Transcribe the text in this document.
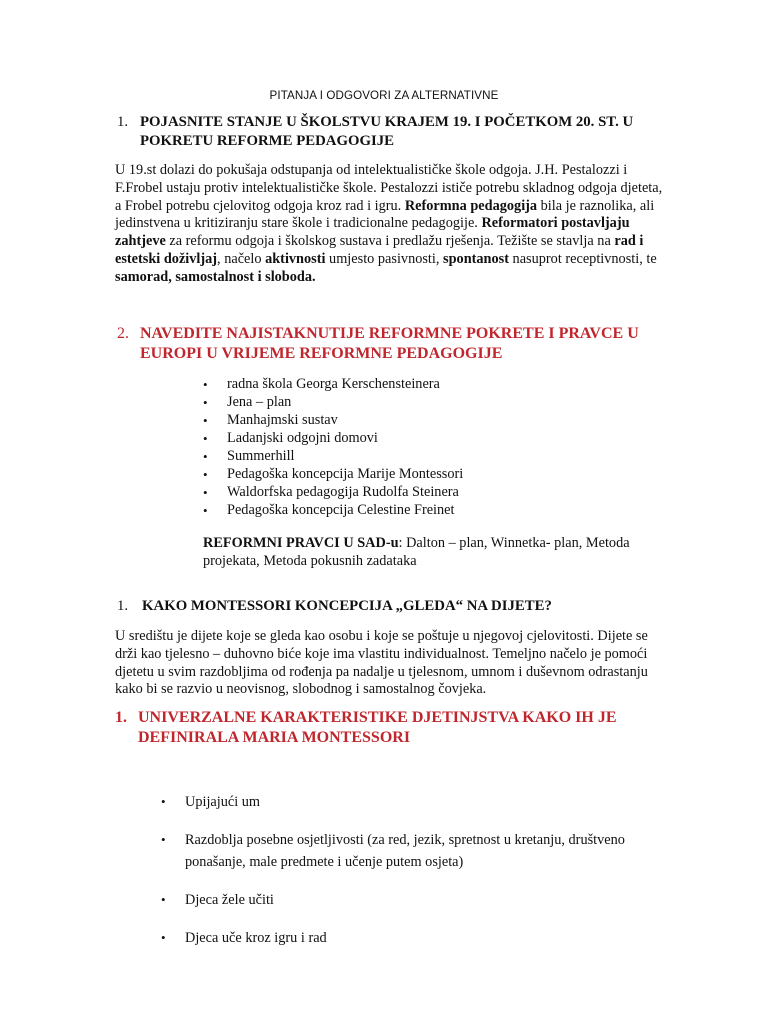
PITANJA I ODGOVORI ZA ALTERNATIVNE
1. POJASNITE STANJE U ŠKOLSTVU KRAJEM 19. I POČETKOM 20. ST. U POKRETU REFORME PEDAGOGIJE
U 19.st dolazi do pokušaja odstupanja od intelektualističke škole odgoja. J.H. Pestalozzi i F.Frobel ustaju protiv intelektualističke škole. Pestalozzi ističe potrebu skladnog odgoja djeteta, a Frobel potrebu cjelovitog odgoja kroz rad i igru. Reformna pedagogija bila je raznolika, ali jedinstvena u kritiziranju stare škole i tradicionalne pedagogije. Reformatori postavljaju zahtjeve za reformu odgoja i školskog sustava i predlažu rješenja. Težište se stavlja na rad i estetski doživljaj, načelo aktivnosti umjesto pasivnosti, spontanost nasuprot receptivnosti, te samorad, samostalnost i sloboda.
2. NAVEDITE NAJISTAKNUTIJE REFORMNE POKRETE I PRAVCE U EUROPI U VRIJEME REFORMNE PEDAGOGIJE
• radna škola Georga Kerschensteinera
• Jena – plan
• Manhajmski sustav
• Ladanjski odgojni domovi
• Summerhill
• Pedagoška koncepcija Marije Montessori
• Waldorfska pedagogija Rudolfa Steinera
• Pedagoška koncepcija Celestine Freinet
REFORMNI PRAVCI U SAD-u: Dalton – plan, Winnetka- plan, Metoda projekata, Metoda pokusnih zadataka
1. KAKO MONTESSORI KONCEPCIJA „GLEDA“ NA DIJETE?
U središtu je dijete koje se gleda kao osobu i koje se poštuje u njegovoj cjelovitosti. Dijete se drži kao tjelesno – duhovno biće koje ima vlastitu individualnost. Temeljno načelo je pomoći djetetu u svim razdobljima od rođenja pa nadalje u tjelesnom, umnom i duševnom odrastanju kako bi se razvio u neovisnog, slobodnog i samostalnog čovjeka.
1. UNIVERZALNE KARAKTERISTIKE DJETINJSTVA KAKO IH JE DEFINIRALA MARIA MONTESSORI
• Upijajući um
• Razdoblja posebne osjetljivosti (za red, jezik, spretnost u kretanju, društveno ponašanje, male predmete i učenje putem osjeta)
• Djeca žele učiti
• Djeca uče kroz igru i rad
